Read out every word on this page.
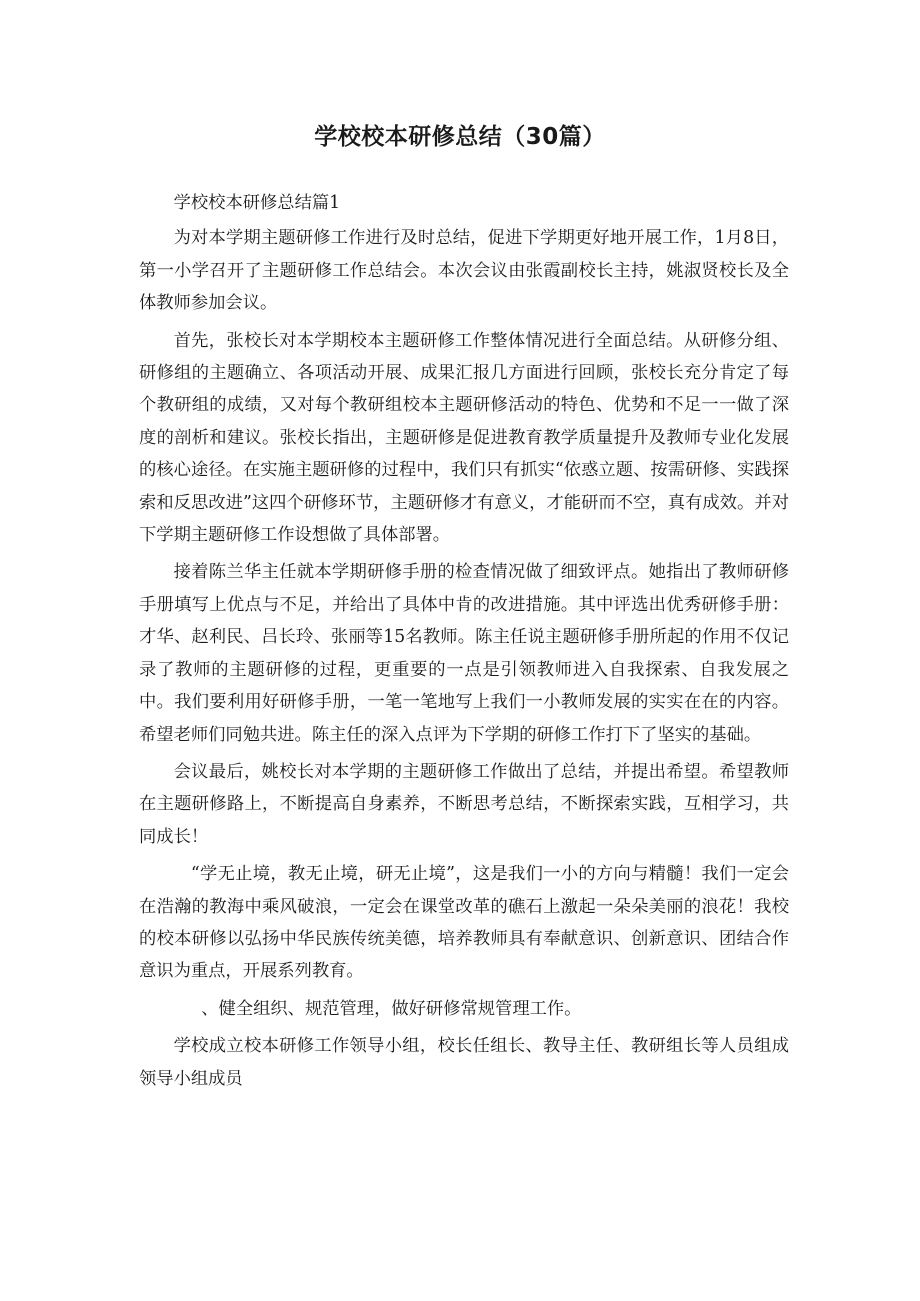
学校校本研修总结（30篇）

学校校本研修总结篇1

为对本学期主题研修工作进行及时总结，促进下学期更好地开展工作，1月8日，第一小学召开了主题研修工作总结会。本次会议由张霞副校长主持，姚淑贤校长及全体教师参加会议。

首先，张校长对本学期校本主题研修工作整体情况进行全面总结。从研修分组、研修组的主题确立、各项活动开展、成果汇报几方面进行回顾，张校长充分肯定了每个教研组的成绩，又对每个教研组校本主题研修活动的特色、优势和不足一一做了深度的剖析和建议。张校长指出，主题研修是促进教育教学质量提升及教师专业化发展的核心途径。在实施主题研修的过程中，我们只有抓实“依惑立题、按需研修、实践探索和反思改进”这四个研修环节，主题研修才有意义，才能研而不空，真有成效。并对下学期主题研修工作设想做了具体部署。

接着陈兰华主任就本学期研修手册的检查情况做了细致评点。她指出了教师研修手册填写上优点与不足，并给出了具体中肯的改进措施。其中评选出优秀研修手册：才华、赵利民、吕长玲、张丽等15名教师。陈主任说主题研修手册所起的作用不仅记录了教师的主题研修的过程，更重要的一点是引领教师进入自我探索、自我发展之中。我们要利用好研修手册，一笔一笔地写上我们一小教师发展的实实在在的内容。希望老师们同勉共进。陈主任的深入点评为下学期的研修工作打下了坚实的基础。

会议最后，姚校长对本学期的主题研修工作做出了总结，并提出希望。希望教师在主题研修路上，不断提高自身素养，不断思考总结，不断探索实践，互相学习，共同成长！

“学无止境，教无止境，研无止境”，这是我们一小的方向与精髓！我们一定会在浩瀚的教海中乘风破浪，一定会在课堂改革的礁石上激起一朵朵美丽的浪花！我校的校本研修以弘扬中华民族传统美德，培养教师具有奉献意识、创新意识、团结合作意识为重点，开展系列教育。

、健全组织、规范管理，做好研修常规管理工作。

学校成立校本研修工作领导小组，校长任组长、教导主任、教研组长等人员组成领导小组成员
